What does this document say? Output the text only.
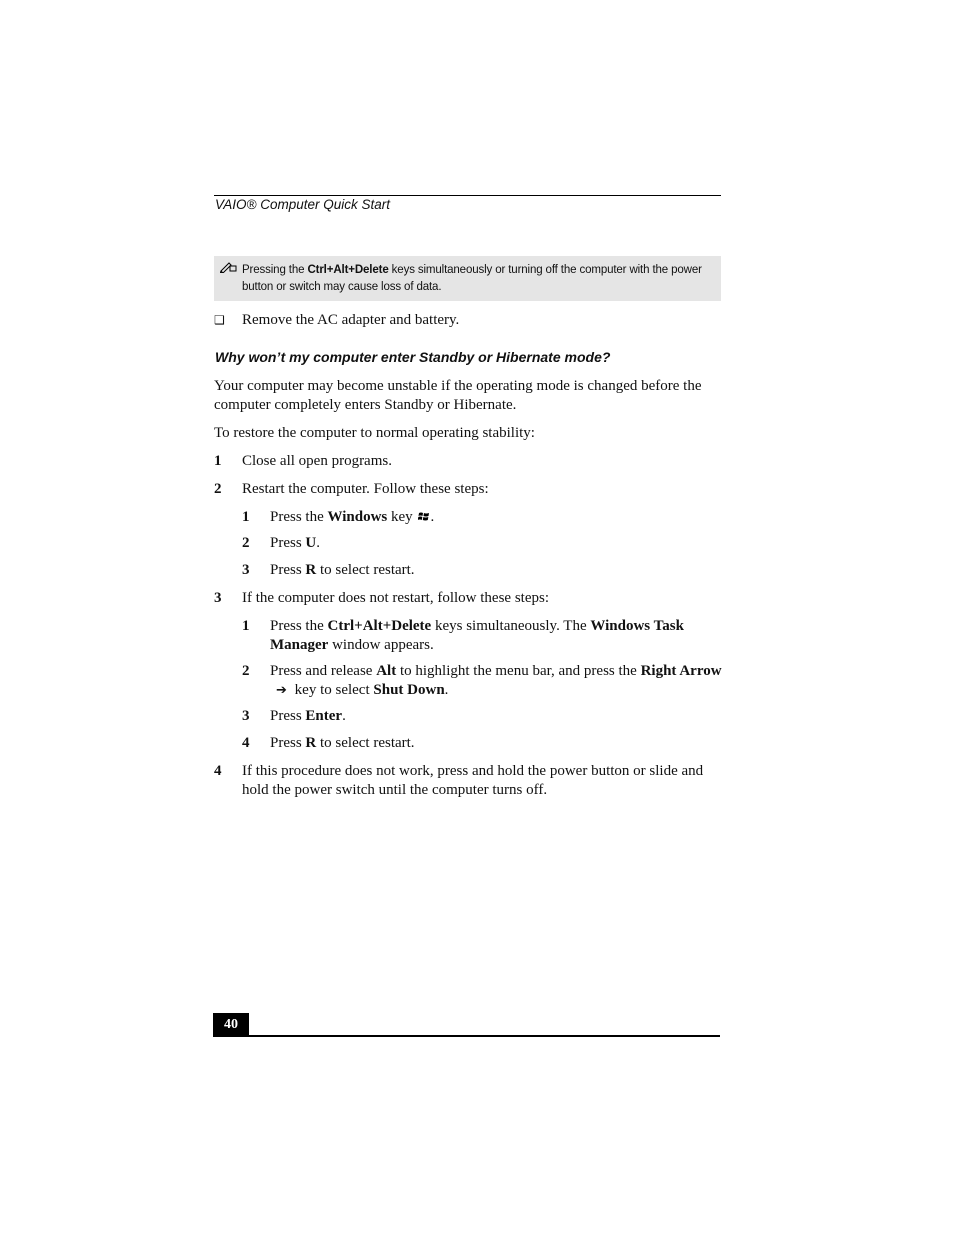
VAIO® Computer Quick Start
Pressing the Ctrl+Alt+Delete keys simultaneously or turning off the computer with the power button or switch may cause loss of data.
❑ Remove the AC adapter and battery.
Why won’t my computer enter Standby or Hibernate mode?
Your computer may become unstable if the operating mode is changed before the computer completely enters Standby or Hibernate.
To restore the computer to normal operating stability:
1 Close all open programs.
2 Restart the computer. Follow these steps:
1 Press the Windows key .
2 Press U.
3 Press R to select restart.
3 If the computer does not restart, follow these steps:
1 Press the Ctrl+Alt+Delete keys simultaneously. The Windows Task Manager window appears.
2 Press and release Alt to highlight the menu bar, and press the Right Arrow➔ key to select Shut Down.
3 Press Enter.
4 Press R to select restart.
4 If this procedure does not work, press and hold the power button or slide and hold the power switch until the computer turns off.
40
